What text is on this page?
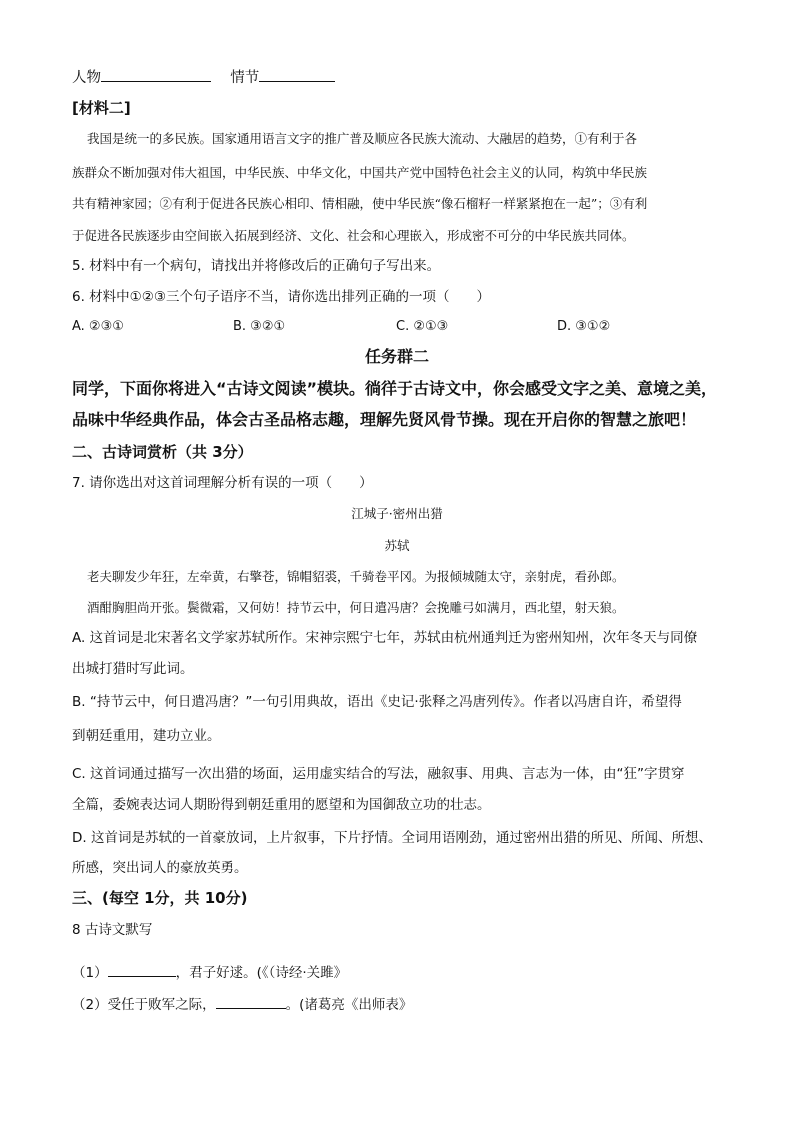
人物	情节
[材料二]
我国是统一的多民族。国家通用语言文字的推广普及顺应各民族大流动、大融居的趋势，①有利于各
族群众不断加强对伟大祖国，中华民族、中华文化，中国共产党中国特色社会主义的认同，构筑中华民族
共有精神家园；②有利于促进各民族心相印、情相融，使中华民族“像石榴籽一样紧紧抱在一起”；③有利
于促进各民族逐步由空间嵌入拓展到经济、文化、社会和心理嵌入，形成密不可分的中华民族共同体。
5. 材料中有一个病句，请找出并将修改后的正确句子写出来。
6. 材料中①②③三个句子语序不当，请你选出排列正确的一项（　　）
A. ②③①	B. ③②①	C. ②①③	D. ③①②
任务群二
同学，下面你将进入“古诗文阅读”模块。徜徉于古诗文中，你会感受文字之美、意境之美，
品味中华经典作品，体会古圣品格志趣，理解先贤风骨节操。现在开启你的智慧之旅吧！
二、古诗词赏析（共 3分）
7. 请你选出对这首词理解分析有误的一项（　　）
江城子·密州出猎
苏轼
老夫聊发少年狂，左牵黄，右擎苍，锦帽貂裘，千骑卷平冈。为报倾城随太守，亲射虎，看孙郎。
酒酣胸胆尚开张。鬓微霜，又何妨！持节云中，何日遣冯唐？会挽雕弓如满月，西北望，射天狼。
A. 这首词是北宋著名文学家苏轼所作。宋神宗熙宁七年，苏轼由杭州通判迁为密州知州，次年冬天与同僚
出城打猎时写此词。
B. “持节云中，何日遣冯唐？”一句引用典故，语出《史记·张释之冯唐列传》。作者以冯唐自许，希望得
到朝廷重用，建功立业。
C. 这首词通过描写一次出猎的场面，运用虚实结合的写法，融叙事、用典、言志为一体，由“狂”字贯穿
全篇，委婉表达词人期盼得到朝廷重用的愿望和为国御敌立功的壮志。
D. 这首词是苏轼的一首豪放词，上片叙事，下片抒情。全词用语刚劲，通过密州出猎的所见、所闻、所想、
所感，突出词人的豪放英勇。
三、(每空 1分，共 10分)
8 古诗文默写
（1）	，君子好逑。(《（诗经·关雎》
（2）受任于败军之际，	。(诸葛亮《出师表》
